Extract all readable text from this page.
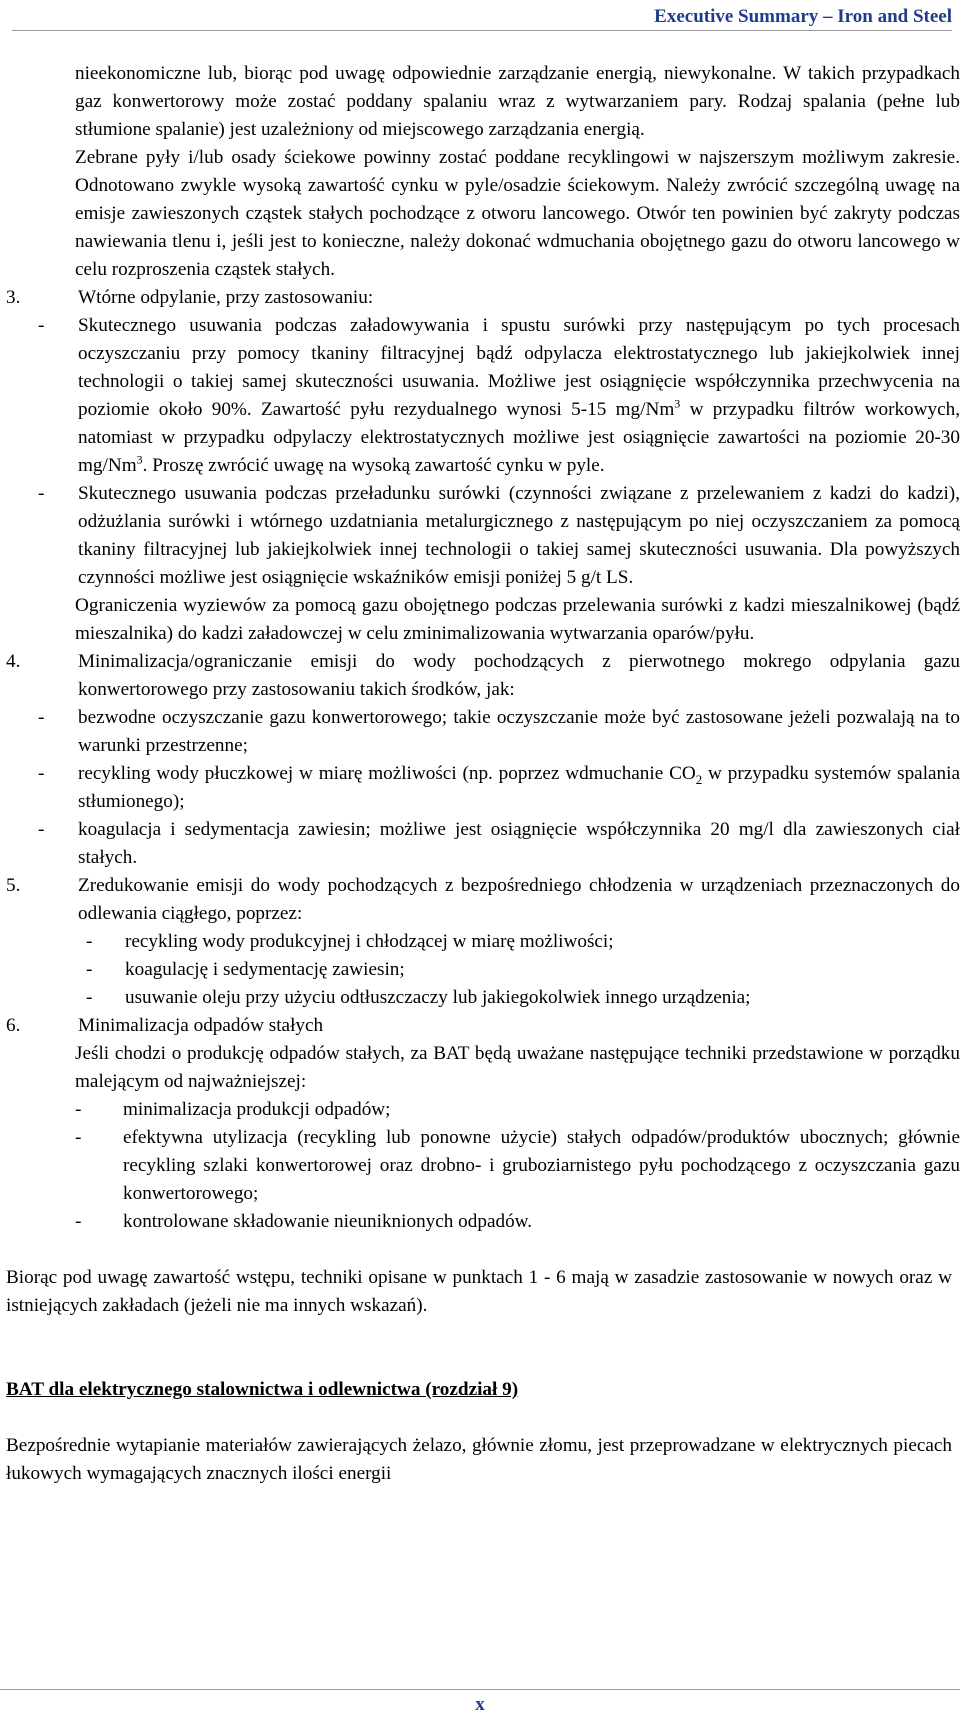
Executive Summary – Iron and Steel

nieekonomiczne lub, biorąc pod uwagę odpowiednie zarządzanie energią, niewykonalne. W takich przypadkach gaz konwertorowy może zostać poddany spalaniu wraz z wytwarzaniem pary. Rodzaj spalania (pełne lub stłumione spalanie) jest uzależniony od miejscowego zarządzania energią.

Zebrane pyły i/lub osady ściekowe powinny zostać poddane recyklingowi w najszerszym możliwym zakresie. Odnotowano zwykle wysoką zawartość cynku w pyle/osadzie ściekowym. Należy zwrócić szczególną uwagę na emisje zawieszonych cząstek stałych pochodzące z otworu lancowego. Otwór ten powinien być zakryty podczas nawiewania tlenu i, jeśli jest to konieczne, należy dokonać wdmuchania obojętnego gazu do otworu lancowego w celu rozproszenia cząstek stałych.

3.	Wtórne odpylanie, przy zastosowaniu:
- Skutecznego usuwania podczas załadowywania i spustu surówki przy następującym po tych procesach oczyszczaniu przy pomocy tkaniny filtracyjnej bądź odpylacza elektrostatycznego lub jakiejkolwiek innej technologii o takiej samej skuteczności usuwania. Możliwe jest osiągnięcie współczynnika przechwycenia na poziomie około 90%. Zawartość pyłu rezydualnego wynosi 5-15 mg/Nm$^3$ w przypadku filtrów workowych, natomiast w przypadku odpylaczy elektrostatycznych możliwe jest osiągnięcie zawartości na poziomie 20-30 mg/Nm$^3$. Proszę zwrócić uwagę na wysoką zawartość cynku w pyle.
- Skutecznego usuwania podczas przeładunku surówki (czynności związane z przelewaniem z kadzi do kadzi), odżużlania surówki i wtórnego uzdatniania metalurgicznego z następującym po niej oczyszczaniem za pomocą tkaniny filtracyjnej lub jakiejkolwiek innej technologii o takiej samej skuteczności usuwania. Dla powyższych czynności możliwe jest osiągnięcie wskaźników emisji poniżej 5 g/t LS.

Ograniczenia wyziewów za pomocą gazu obojętnego podczas przelewania surówki z kadzi mieszalnikowej (bądź mieszalnika) do kadzi załadowczej w celu zminimalizowania wytwarzania oparów/pyłu.

4.	Minimalizacja/ograniczanie emisji do wody pochodzących z pierwotnego mokrego odpylania gazu konwertorowego przy zastosowaniu takich środków, jak:
- bezwodne oczyszczanie gazu konwertorowego; takie oczyszczanie może być zastosowane jeżeli pozwalają na to warunki przestrzenne;
- recykling wody płuczkowej w miarę możliwości (np. poprzez wdmuchanie $CO_2$ w przypadku systemów spalania stłumionego);
- koagulacja i sedymentacja zawiesin; możliwe jest osiągnięcie współczynnika 20 mg/l dla zawieszonych ciał stałych.
5.	Zredukowanie emisji do wody pochodzących z bezpośredniego chłodzenia w urządzeniach przeznaczonych do odlewania ciągłego, poprzez:
- recykling wody produkcyjnej i chłodzącej w miarę możliwości;
- koagulację i sedymentację zawiesin;
- usuwanie oleju przy użyciu odtłuszczaczy lub jakiegokolwiek innego urządzenia;
6.	Minimalizacja odpadów stałych

Jeśli chodzi o produkcję odpadów stałych, za BAT będą uważane następujące techniki przedstawione w porządku malejącym od najważniejszej:

- minimalizacja produkcji odpadów;
- efektywna utylizacja (recykling lub ponowne użycie) stałych odpadów/produktów ubocznych; głównie recykling szlaki konwertorowej oraz drobno- i gruboziarnistego pyłu pochodzącego z oczyszczania gazu konwertorowego;
- kontrolowane składowanie nieuniknionych odpadów.

Biorąc pod uwagę zawartość wstępu, techniki opisane w punktach 1 - 6 mają w zasadzie zastosowanie w nowych oraz w istniejących zakładach (jeżeli nie ma innych wskazań).

BAT dla elektrycznego stalownictwa i odlewnictwa (rozdział 9)

Bezpośrednie wytapianie materiałów zawierających żelazo, głównie złomu, jest przeprowadzane w elektrycznych piecach łukowych wymagających znacznych ilości energii

x
